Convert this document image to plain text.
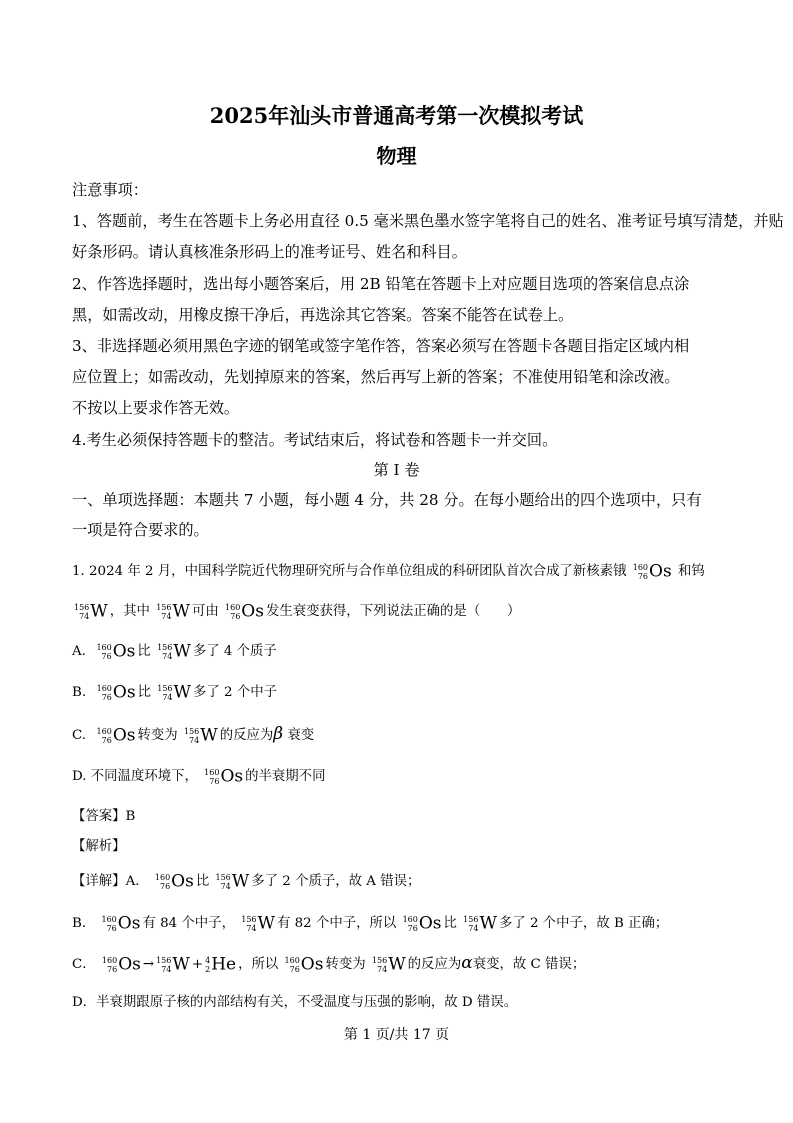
2025年汕头市普通高考第一次模拟考试
物理
注意事项：
1、答题前，考生在答题卡上务必用直径 0.5 毫米黑色墨水签字笔将自己的姓名、准考证号填写清楚，并贴
好条形码。请认真核准条形码上的准考证号、姓名和科目。
2、作答选择题时，选出每小题答案后，用 2B 铅笔在答题卡上对应题目选项的答案信息点涂
黑，如需改动，用橡皮擦干净后，再选涂其它答案。答案不能答在试卷上。
3、非选择题必须用黑色字迹的钢笔或签字笔作答，答案必须写在答题卡各题目指定区域内相
应位置上；如需改动，先划掉原来的答案，然后再写上新的答案；不准使用铅笔和涂改液。
不按以上要求作答无效。
4.考生必须保持答题卡的整洁。考试结束后，将试卷和答题卡一并交回。
第 I 卷
一、单项选择题：本题共 7 小题，每小题 4 分，共 28 分。在每小题给出的四个选项中，只有
一项是符合要求的。
1. 2024 年 2 月，中国科学院近代物理研究所与合作单位组成的科研团队首次合成了新核素锇 160
76 Os 和钨
156
74 W ，其中 156
74 W 可由 160
76 Os 发生衰变获得，下列说法正确的是（　　）
A. 160
76 Os 比 156
74 W 多了 4 个质子
B. 160
76 Os 比 156
74 W 多了 2 个中子
C. 160
76 Os 转变为 156
74 W 的反应为β 衰变
D. 不同温度环境下， 160
76 Os 的半衰期不同
【答案】B
【解析】
【详解】A． 160
76 Os 比 156
74 W 多了 2 个质子，故 A 错误；
B． 160
76 Os 有 84 个中子， 156
74 W 有 82 个中子，所以 160
76 Os 比 156
74 W 多了 2 个中子，故 B 正确；
C． 160
76 Os → 156
74 W + 4
2 He ，所以 160
76 Os 转变为 156
74 W 的反应为α衰变，故 C 错误；
D．半衰期跟原子核的内部结构有关，不受温度与压强的影响，故 D 错误。
第 1 页/共 17 页
